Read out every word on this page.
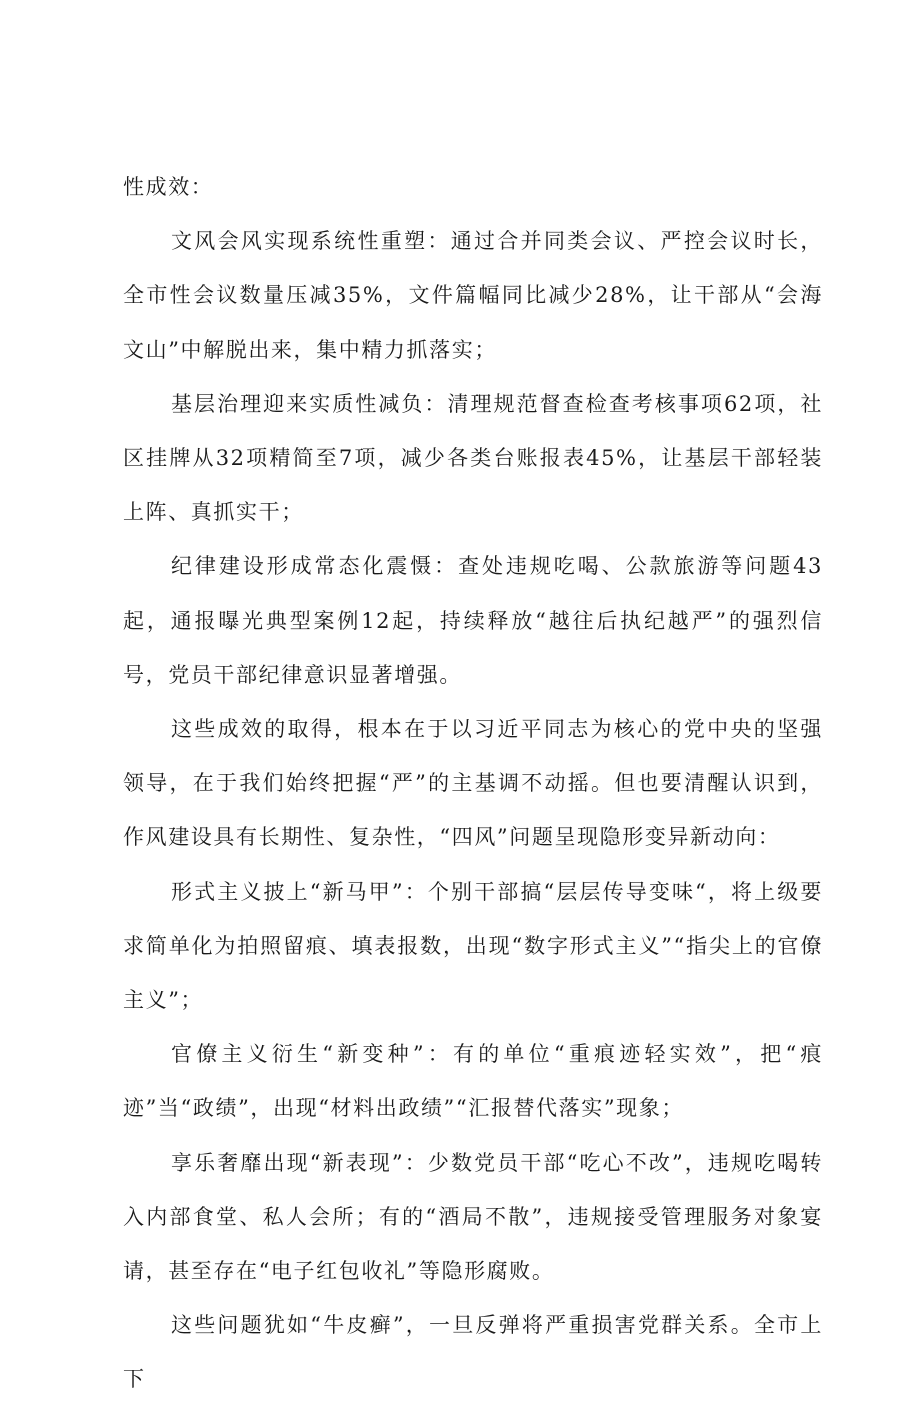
性成效：

文风会风实现系统性重塑：通过合并同类会议、严控会议时长，全市性会议数量压减35%，文件篇幅同比减少28%，让干部从“会海文山”中解脱出来，集中精力抓落实；

基层治理迎来实质性减负：清理规范督查检查考核事项62项，社区挂牌从32项精简至7项，减少各类台账报表45%，让基层干部轻装上阵、真抓实干；

纪律建设形成常态化震慑：查处违规吃喝、公款旅游等问题43起，通报曝光典型案例12起，持续释放“越往后执纪越严”的强烈信号，党员干部纪律意识显著增强。

这些成效的取得，根本在于以习近平同志为核心的党中央的坚强领导，在于我们始终把握“严”的主基调不动摇。但也要清醒认识到，作风建设具有长期性、复杂性，“四风”问题呈现隐形变异新动向：

形式主义披上“新马甲”：个别干部搞“层层传导变味“，将上级要求简单化为拍照留痕、填表报数，出现“数字形式主义”“指尖上的官僚主义”；

官僚主义衍生“新变种”：有的单位“重痕迹轻实效”，把“痕迹”当“政绩”，出现“材料出政绩”“汇报替代落实”现象；

享乐奢靡出现“新表现”：少数党员干部“吃心不改”，违规吃喝转入内部食堂、私人会所；有的“酒局不散”，违规接受管理服务对象宴请，甚至存在“电子红包收礼”等隐形腐败。

这些问题犹如“牛皮癣”，一旦反弹将严重损害党群关系。全市上下
